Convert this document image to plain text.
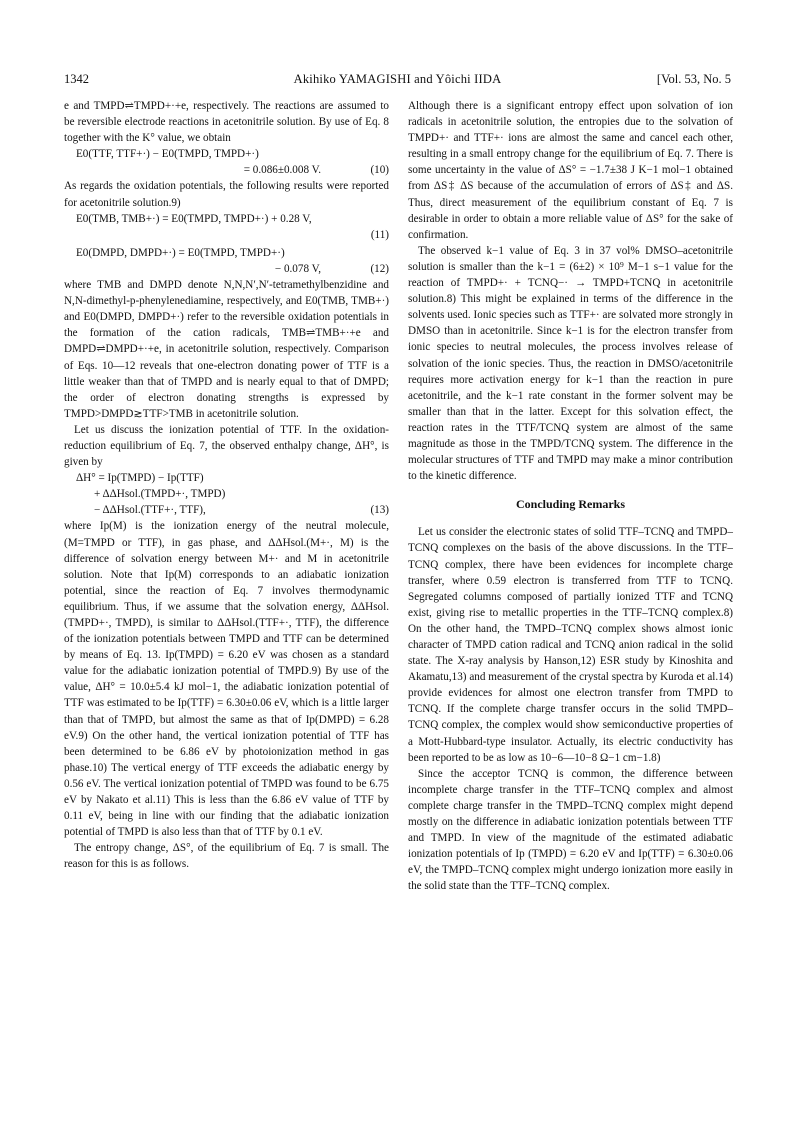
1342	Akihiko YAMAGISHI and Yôichi IIDA	[Vol. 53, No. 5

e and TMPD⇌TMPD+·+e, respectively. The reactions are assumed to be reversible electrode reactions in acetonitrile solution. By use of Eq. 8 together with the K° value, we obtain

E0(TTF, TTF+·) − E0(TMPD, TMPD+·)
= 0.086±0.008 V.	(10)

As regards the oxidation potentials, the following results were reported for acetonitrile solution.9)

E0(TMB, TMB+·) = E0(TMPD, TMPD+·) + 0.28 V,
(11)
E0(DMPD, DMPD+·) = E0(TMPD, TMPD+·)
− 0.078 V,	(12)

where TMB and DMPD denote N,N,N′,N′-tetramethylbenzidine and N,N-dimethyl-p-phenylenediamine, respectively, and E0(TMB, TMB+·) and E0(DMPD, DMPD+·) refer to the reversible oxidation potentials in the formation of the cation radicals, TMB⇌TMB+·+e and DMPD⇌DMPD+·+e, in acetonitrile solution, respectively. Comparison of Eqs. 10—12 reveals that one-electron donating power of TTF is a little weaker than that of TMPD and is nearly equal to that of DMPD; the order of electron donating strengths is expressed by TMPD>DMPD≳TTF>TMB in acetonitrile solution.

Let us discuss the ionization potential of TTF. In the oxidation-reduction equilibrium of Eq. 7, the observed enthalpy change, ΔH°, is given by

ΔH° = Ip(TMPD) − Ip(TTF)
+ ΔΔHsol.(TMPD+·, TMPD)
− ΔΔHsol.(TTF+·, TTF),	(13)

where Ip(M) is the ionization energy of the neutral molecule, (M=TMPD or TTF), in gas phase, and ΔΔHsol.(M+·, M) is the difference of solvation energy between M+· and M in acetonitrile solution. Note that Ip(M) corresponds to an adiabatic ionization potential, since the reaction of Eq. 7 involves thermodynamic equilibrium. Thus, if we assume that the solvation energy, ΔΔHsol.(TMPD+·, TMPD), is similar to ΔΔHsol.(TTF+·, TTF), the difference of the ionization potentials between TMPD and TTF can be determined by means of Eq. 13. Ip(TMPD) = 6.20 eV was chosen as a standard value for the adiabatic ionization potential of TMPD.9) By use of the value, ΔH° = 10.0±5.4 kJ mol−1, the adiabatic ionization potential of TTF was estimated to be Ip(TTF) = 6.30±0.06 eV, which is a little larger than that of TMPD, but almost the same as that of Ip(DMPD) = 6.28 eV.9) On the other hand, the vertical ionization potential of TTF has been determined to be 6.86 eV by photoionization method in gas phase.10) The vertical energy of TTF exceeds the adiabatic energy by 0.56 eV. The vertical ionization potential of TMPD was found to be 6.75 eV by Nakato et al.11) This is less than the 6.86 eV value of TTF by 0.11 eV, being in line with our finding that the adiabatic ionization potential of TMPD is also less than that of TTF by 0.1 eV.

The entropy change, ΔS°, of the equilibrium of Eq. 7 is small. The reason for this is as follows.

Although there is a significant entropy effect upon solvation of ion radicals in acetonitrile solution, the entropies due to the solvation of TMPD+· and TTF+· ions are almost the same and cancel each other, resulting in a small entropy change for the equilibrium of Eq. 7. There is some uncertainty in the value of ΔS° = −1.7±38 J K−1 mol−1 obtained from ΔS‡ ΔS because of the accumulation of errors of ΔS‡ and ΔS. Thus, direct measurement of the equilibrium constant of Eq. 7 is desirable in order to obtain a more reliable value of ΔS° for the sake of confirmation.

The observed k−1 value of Eq. 3 in 37 vol% DMSO–acetonitrile solution is smaller than the k−1 = (6±2) × 10⁹ M−1 s−1 value for the reaction of TMPD+· + TCNQ−· → TMPD+TCNQ in acetonitrile solution.8) This might be explained in terms of the difference in the solvents used. Ionic species such as TTF+· are solvated more strongly in DMSO than in acetonitrile. Since k−1 is for the electron transfer from ionic species to neutral molecules, the process involves release of solvation of the ionic species. Thus, the reaction in DMSO/acetonitrile requires more activation energy for k−1 than the reaction in pure acetonitrile, and the k−1 rate constant in the former solvent may be smaller than that in the latter. Except for this solvation effect, the reaction rates in the TTF/TCNQ system are almost of the same magnitude as those in the TMPD/TCNQ system. The difference in the molecular structures of TTF and TMPD may make a minor contribution to the kinetic difference.

Concluding Remarks

Let us consider the electronic states of solid TTF–TCNQ and TMPD–TCNQ complexes on the basis of the above discussions. In the TTF–TCNQ complex, there have been evidences for incomplete charge transfer, where 0.59 electron is transferred from TTF to TCNQ. Segregated columns composed of partially ionized TTF and TCNQ exist, giving rise to metallic properties in the TTF–TCNQ complex.8) On the other hand, the TMPD–TCNQ complex shows almost ionic character of TMPD cation radical and TCNQ anion radical in the solid state. The X-ray analysis by Hanson,12) ESR study by Kinoshita and Akamatu,13) and measurement of the crystal spectra by Kuroda et al.14) provide evidences for almost one electron transfer from TMPD to TCNQ. If the complete charge transfer occurs in the solid TMPD–TCNQ complex, the complex would show semiconductive properties of a Mott-Hubbard-type insulator. Actually, its electric conductivity has been reported to be as low as 10−6—10−8 Ω−1 cm−1.8)

Since the acceptor TCNQ is common, the difference between incomplete charge transfer in the TTF–TCNQ complex and almost complete charge transfer in the TMPD–TCNQ complex might depend mostly on the difference in adiabatic ionization potentials between TTF and TMPD. In view of the magnitude of the estimated adiabatic ionization potentials of Ip (TMPD) = 6.20 eV and Ip(TTF) = 6.30±0.06 eV, the TMPD–TCNQ complex might undergo ionization more easily in the solid state than the TTF–TCNQ complex.
